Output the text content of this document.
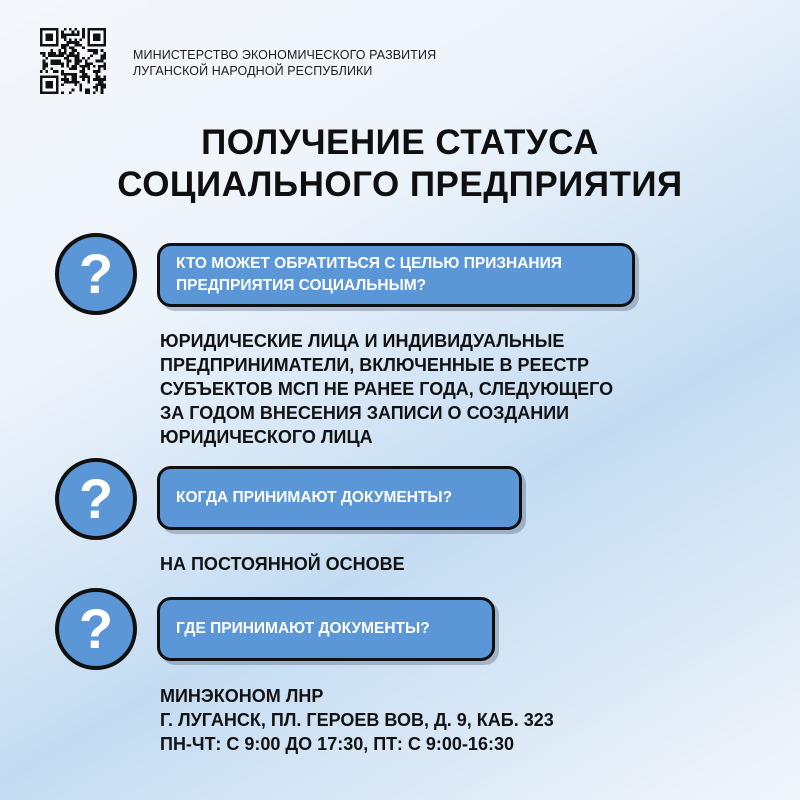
МИНИСТЕРСТВО ЭКОНОМИЧЕСКОГО РАЗВИТИЯ
ЛУГАНСКОЙ НАРОДНОЙ РЕСПУБЛИКИ
ПОЛУЧЕНИЕ СТАТУСА
СОЦИАЛЬНОГО ПРЕДПРИЯТИЯ
?	КТО МОЖЕТ ОБРАТИТЬСЯ С ЦЕЛЬЮ ПРИЗНАНИЯ
ПРЕДПРИЯТИЯ СОЦИАЛЬНЫМ?
ЮРИДИЧЕСКИЕ ЛИЦА И ИНДИВИДУАЛЬНЫЕ
ПРЕДПРИНИМАТЕЛИ, ВКЛЮЧЕННЫЕ В РЕЕСТР
СУБЪЕКТОВ МСП НЕ РАНЕЕ ГОДА, СЛЕДУЮЩЕГО
ЗА ГОДОМ ВНЕСЕНИЯ ЗАПИСИ О СОЗДАНИИ
ЮРИДИЧЕСКОГО ЛИЦА
?	КОГДА ПРИНИМАЮТ ДОКУМЕНТЫ?
НА ПОСТОЯННОЙ ОСНОВЕ
?	ГДЕ ПРИНИМАЮТ ДОКУМЕНТЫ?
МИНЭКОНОМ ЛНР
Г. ЛУГАНСК, ПЛ. ГЕРОЕВ ВОВ, Д. 9, КАБ. 323
ПН-ЧТ: С 9:00 ДО 17:30, ПТ: С 9:00-16:30
